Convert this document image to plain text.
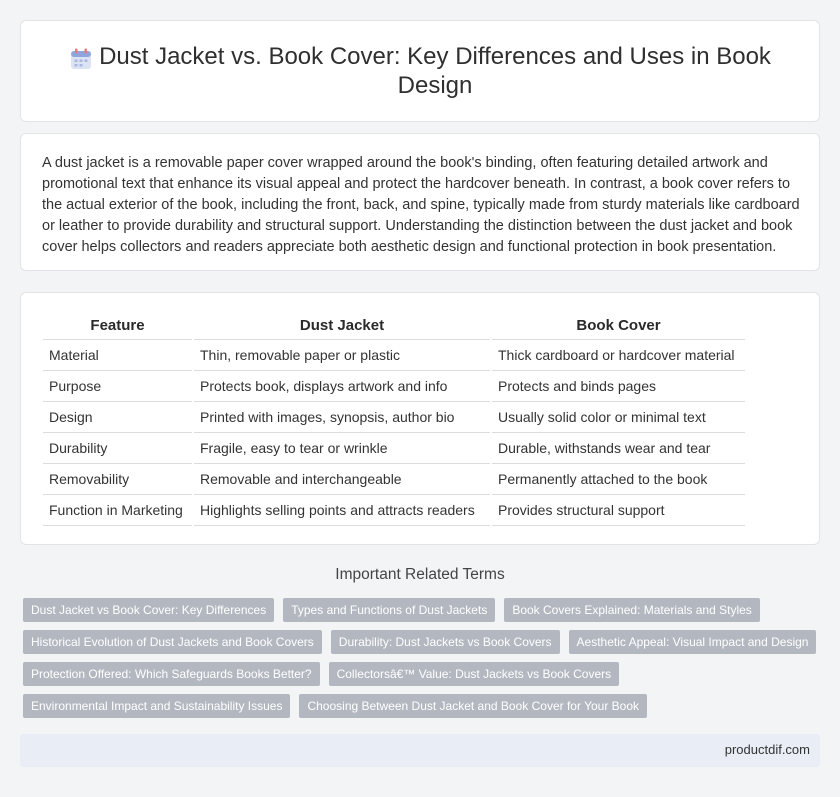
Dust Jacket vs. Book Cover: Key Differences and Uses in Book Design

A dust jacket is a removable paper cover wrapped around the book's binding, often featuring detailed artwork and promotional text that enhance its visual appeal and protect the hardcover beneath. In contrast, a book cover refers to the actual exterior of the book, including the front, back, and spine, typically made from sturdy materials like cardboard or leather to provide durability and structural support. Understanding the distinction between the dust jacket and book cover helps collectors and readers appreciate both aesthetic design and functional protection in book presentation.

Feature	Dust Jacket	Book Cover
Material	Thin, removable paper or plastic	Thick cardboard or hardcover material
Purpose	Protects book, displays artwork and info	Protects and binds pages
Design	Printed with images, synopsis, author bio	Usually solid color or minimal text
Durability	Fragile, easy to tear or wrinkle	Durable, withstands wear and tear
Removability	Removable and interchangeable	Permanently attached to the book
Function in Marketing	Highlights selling points and attracts readers	Provides structural support
Important Related Terms
Dust Jacket vs Book Cover: Key Differences	Types and Functions of Dust Jackets	Book Covers Explained: Materials and Styles
Historical Evolution of Dust Jackets and Book Covers	Durability: Dust Jackets vs Book Covers	Aesthetic Appeal: Visual Impact and Design
Protection Offered: Which Safeguards Books Better?	Collectorsâ€™ Value: Dust Jackets vs Book Covers
Environmental Impact and Sustainability Issues	Choosing Between Dust Jacket and Book Cover for Your Book
productdif.com
